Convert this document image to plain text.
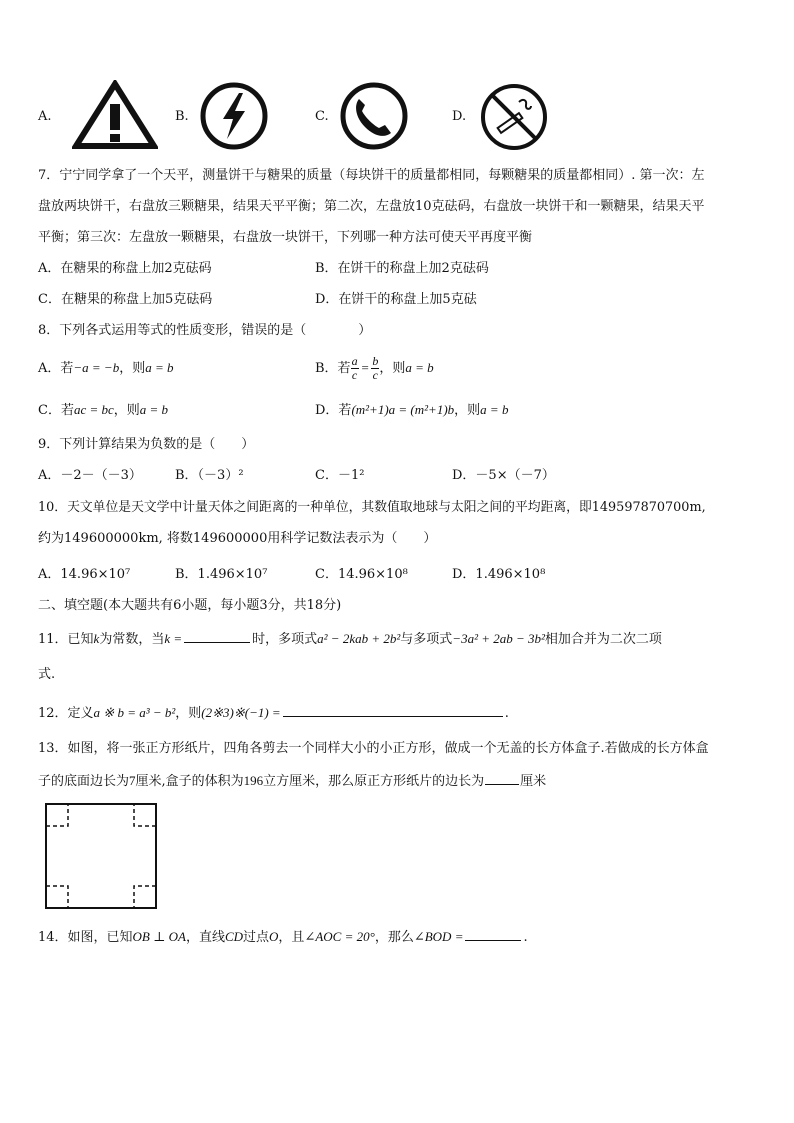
A.	B.	C.	D.
7．宁宁同学拿了一个天平，测量饼干与糖果的质量（每块饼干的质量都相同，每颗糖果的质量都相同）. 第一次：左
盘放两块饼干，右盘放三颗糖果，结果天平平衡；第二次，左盘放10克砝码，右盘放一块饼干和一颗糖果，结果天平
平衡；第三次：左盘放一颗糖果，右盘放一块饼干，下列哪一种方法可使天平再度平衡
A．在糖果的称盘上加2克砝码	B．在饼干的称盘上加2克砝码
C．在糖果的称盘上加5克砝码	D．在饼干的称盘上加5克砝
8．下列各式运用等式的性质变形，错误的是（　　　　）
A．若−a = −b，则a = b	B．若 $\frac{a}{c} = \frac{b}{c}$ ，则a = b
C．若ac = bc，则a = b	D．若(m²+1)a = (m²+1)b，则a = b
9．下列计算结果为负数的是（　　）
A．－2－（－3）	B．（－3）²	C．－1²	D．－5×（－7）
10．天文单位是天文学中计量天体之间距离的一种单位，其数值取地球与太阳之间的平均距离，即149597870700m,
约为149600000km, 将数149600000用科学记数法表示为（　　）
A．14.96×10⁷	B．1.496×10⁷	C．14.96×10⁸	D．1.496×10⁸
二、填空题(本大题共有6小题，每小题3分，共18分)
11．已知k为常数，当k =	时，多项式a² − 2kab + 2b²与多项式−3a² + 2ab − 3b²相加合并为二次二项
式.
12．定义a ※ b = a³ − b²，则(2※3)※(−1) =	.
13．如图，将一张正方形纸片，四角各剪去一个同样大小的小正方形，做成一个无盖的长方体盒子.若做成的长方体盒
子的底面边长为7厘米,盒子的体积为196立方厘米，那么原正方形纸片的边长为	厘米
14．如图，已知OB ⊥ OA，直线CD过点O，且∠AOC = 20°，那么∠BOD =	.
